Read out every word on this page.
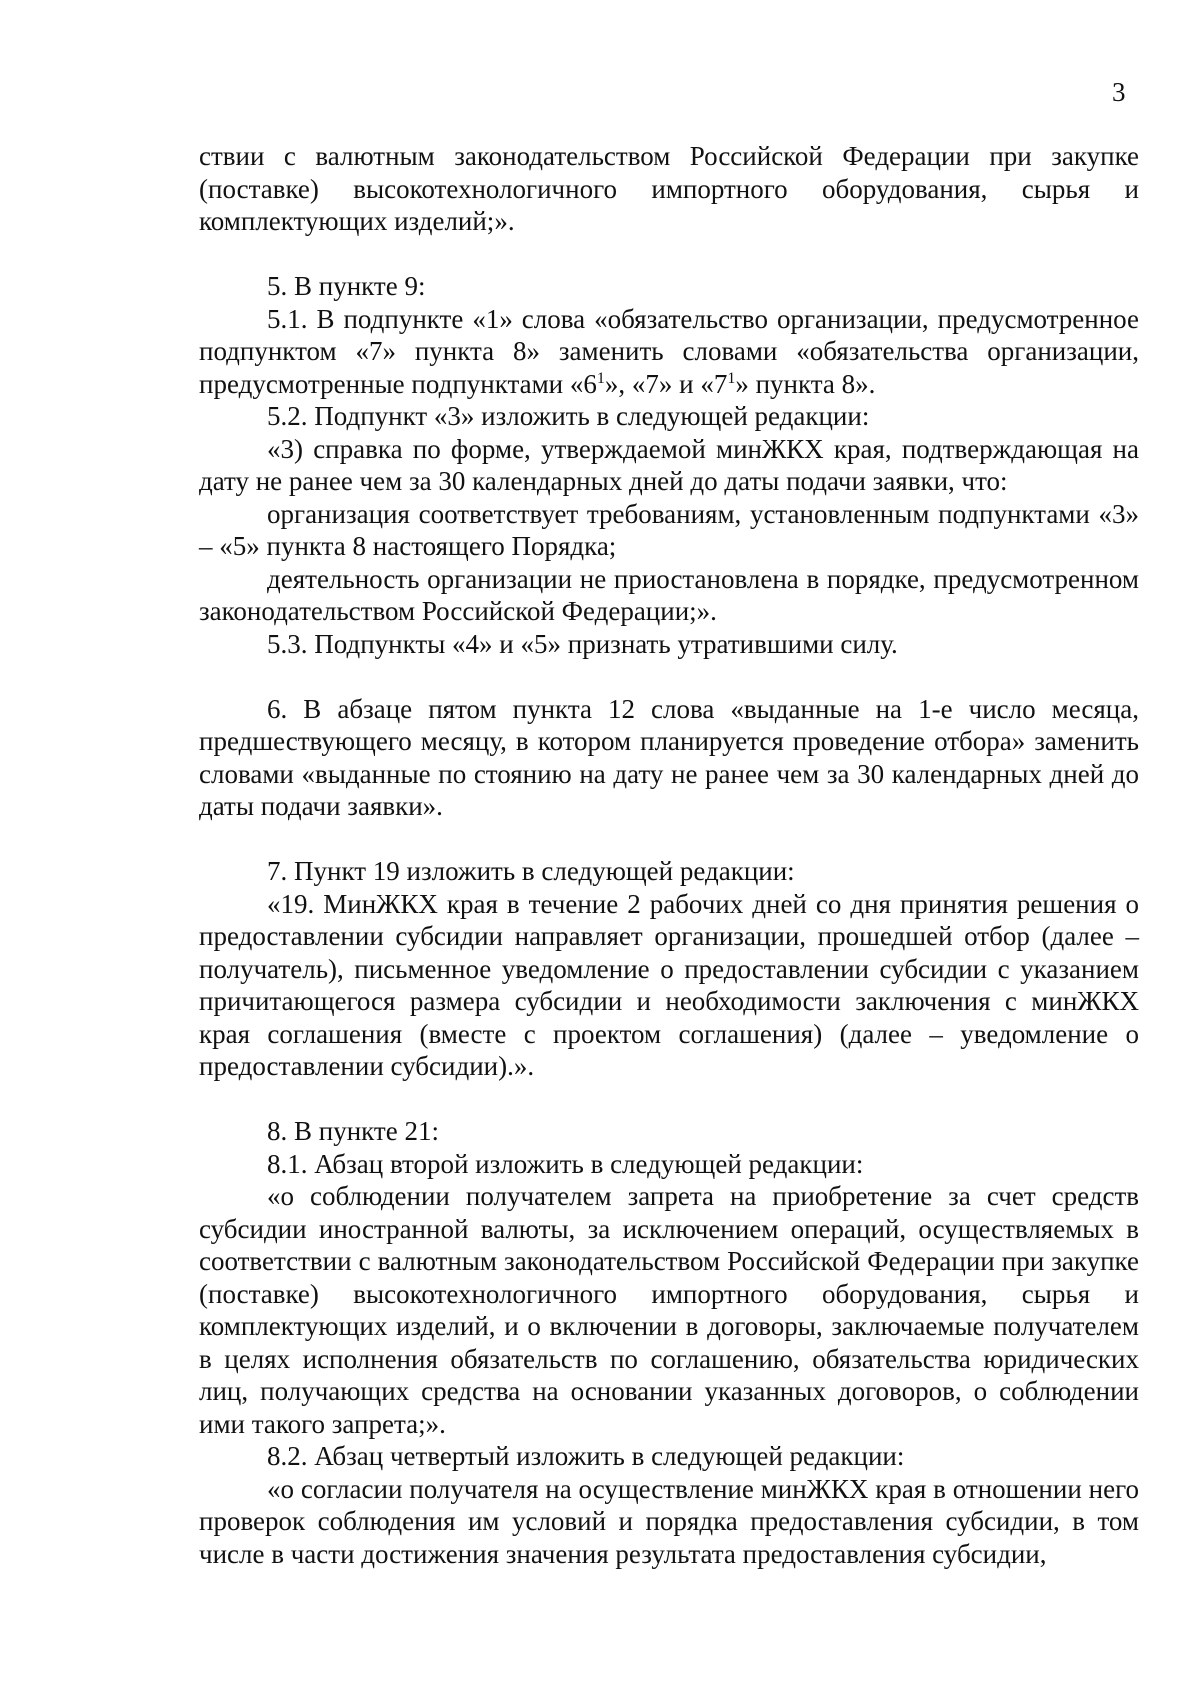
3

ствии с валютным законодательством Российской Федерации при закупке (поставке) высокотехнологичного импортного оборудования, сырья и комплектующих изделий;».

5. В пункте 9:

5.1. В подпункте «1» слова «обязательство организации, предусмотренное подпунктом «7» пункта 8» заменить словами «обязательства организации, предусмотренные подпунктами «$6^1$», «7» и «$7^1$» пункта 8».

5.2. Подпункт «3» изложить в следующей редакции:

«3) справка по форме, утверждаемой минЖКХ края, подтверждающая на дату не ранее чем за 30 календарных дней до даты подачи заявки, что:

организация соответствует требованиям, установленным подпунктами «3» – «5» пункта 8 настоящего Порядка;

деятельность организации не приостановлена в порядке, предусмотренном законодательством Российской Федерации;».

5.3. Подпункты «4» и «5» признать утратившими силу.

6. В абзаце пятом пункта 12 слова «выданные на 1-е число месяца, предшествующего месяцу, в котором планируется проведение отбора» заменить словами «выданные по стоянию на дату не ранее чем за 30 календарных дней до даты подачи заявки».

7. Пункт 19 изложить в следующей редакции:

«19. МинЖКХ края в течение 2 рабочих дней со дня принятия решения о предоставлении субсидии направляет организации, прошедшей отбор (далее – получатель), письменное уведомление о предоставлении субсидии с указанием причитающегося размера субсидии и необходимости заключения с минЖКХ края соглашения (вместе с проектом соглашения) (далее – уведомление о предоставлении субсидии).».

8. В пункте 21:

8.1. Абзац второй изложить в следующей редакции:

«о соблюдении получателем запрета на приобретение за счет средств субсидии иностранной валюты, за исключением операций, осуществляемых в соответствии с валютным законодательством Российской Федерации при закупке (поставке) высокотехнологичного импортного оборудования, сырья и комплектующих изделий, и о включении в договоры, заключаемые получателем в целях исполнения обязательств по соглашению, обязательства юридических лиц, получающих средства на основании указанных договоров, о соблюдении ими такого запрета;».

8.2. Абзац четвертый изложить в следующей редакции:

«о согласии получателя на осуществление минЖКХ края в отношении него проверок соблюдения им условий и порядка предоставления субсидии, в том числе в части достижения значения результата предоставления субсидии,
